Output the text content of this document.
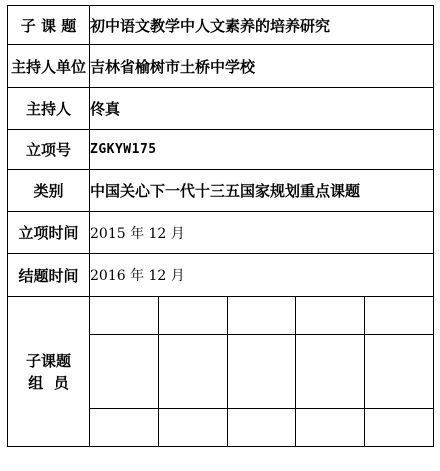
子 课 题	初中语文教学中人文素养的培养研究
主持人单位	吉林省榆树市土桥中学校
主持人	佟真
立项号	ZGKYW175
类别	中国关心下一代十三五国家规划重点课题
立项时间	2015 年 12 月
结题时间	2016 年 12 月

子课题
组  员
